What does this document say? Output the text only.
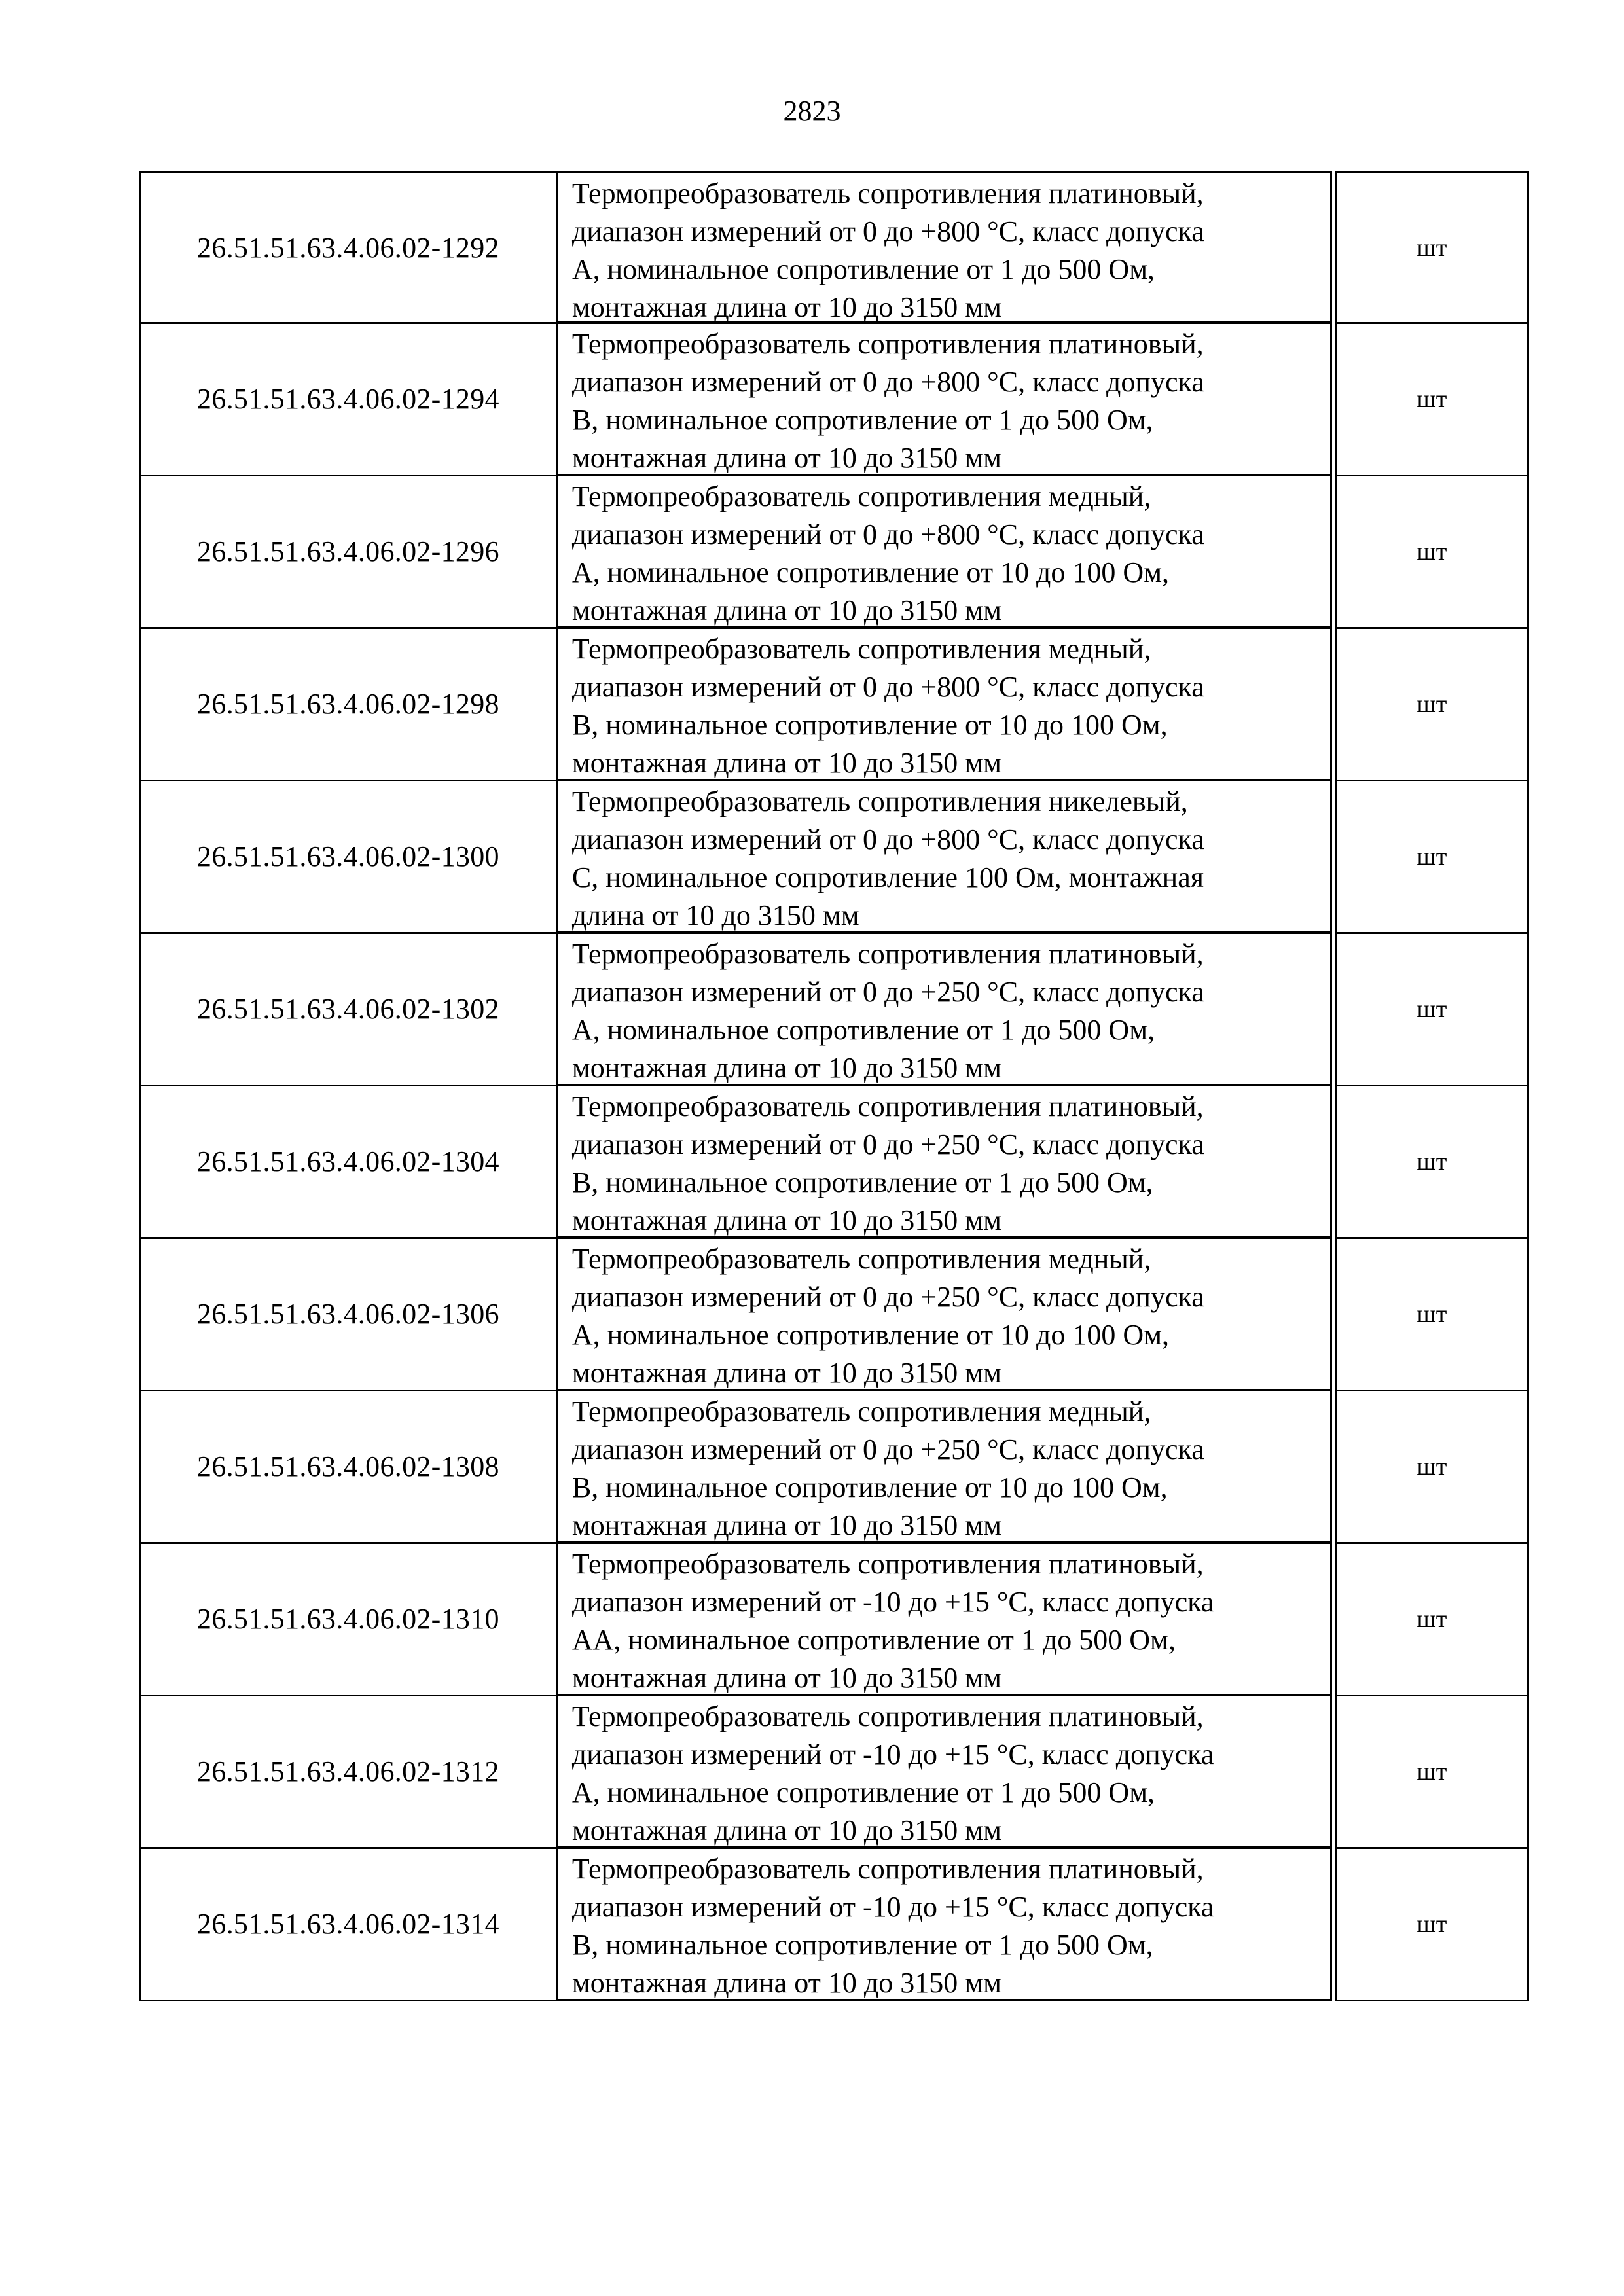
2823
26.51.51.63.4.06.02-1292
Термопреобразователь сопротивления платиновый,
диапазон измерений от 0 до +800 °С, класс допуска
А, номинальное сопротивление от 1 до 500 Ом,
монтажная длина от 10 до 3150 мм
шт
26.51.51.63.4.06.02-1294
Термопреобразователь сопротивления платиновый,
диапазон измерений от 0 до +800 °С, класс допуска
В, номинальное сопротивление от 1 до 500 Ом,
монтажная длина от 10 до 3150 мм
шт
26.51.51.63.4.06.02-1296
Термопреобразователь сопротивления медный,
диапазон измерений от 0 до +800 °С, класс допуска
А, номинальное сопротивление от 10 до 100 Ом,
монтажная длина от 10 до 3150 мм
шт
26.51.51.63.4.06.02-1298
Термопреобразователь сопротивления медный,
диапазон измерений от 0 до +800 °С, класс допуска
В, номинальное сопротивление от 10 до 100 Ом,
монтажная длина от 10 до 3150 мм
шт
26.51.51.63.4.06.02-1300
Термопреобразователь сопротивления никелевый,
диапазон измерений от 0 до +800 °С, класс допуска
С, номинальное сопротивление 100 Ом, монтажная
длина от 10 до 3150 мм
шт
26.51.51.63.4.06.02-1302
Термопреобразователь сопротивления платиновый,
диапазон измерений от 0 до +250 °С, класс допуска
А, номинальное сопротивление от 1 до 500 Ом,
монтажная длина от 10 до 3150 мм
шт
26.51.51.63.4.06.02-1304
Термопреобразователь сопротивления платиновый,
диапазон измерений от 0 до +250 °С, класс допуска
В, номинальное сопротивление от 1 до 500 Ом,
монтажная длина от 10 до 3150 мм
шт
26.51.51.63.4.06.02-1306
Термопреобразователь сопротивления медный,
диапазон измерений от 0 до +250 °С, класс допуска
А, номинальное сопротивление от 10 до 100 Ом,
монтажная длина от 10 до 3150 мм
шт
26.51.51.63.4.06.02-1308
Термопреобразователь сопротивления медный,
диапазон измерений от 0 до +250 °С, класс допуска
В, номинальное сопротивление от 10 до 100 Ом,
монтажная длина от 10 до 3150 мм
шт
26.51.51.63.4.06.02-1310
Термопреобразователь сопротивления платиновый,
диапазон измерений от -10 до +15 °С, класс допуска
АА, номинальное сопротивление от 1 до 500 Ом,
монтажная длина от 10 до 3150 мм
шт
26.51.51.63.4.06.02-1312
Термопреобразователь сопротивления платиновый,
диапазон измерений от -10 до +15 °С, класс допуска
А, номинальное сопротивление от 1 до 500 Ом,
монтажная длина от 10 до 3150 мм
шт
26.51.51.63.4.06.02-1314
Термопреобразователь сопротивления платиновый,
диапазон измерений от -10 до +15 °С, класс допуска
В, номинальное сопротивление от 1 до 500 Ом,
монтажная длина от 10 до 3150 мм
шт
